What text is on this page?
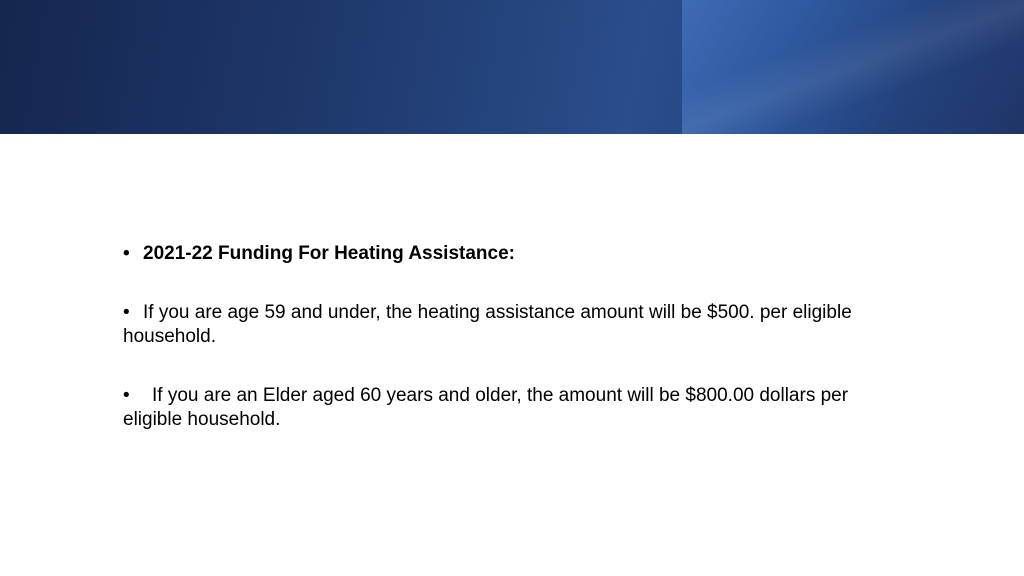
• 2021-22 Funding For Heating Assistance:

• If you are age 59 and under, the heating assistance amount will be $500. per eligible household.

• If you are an Elder aged 60 years and older, the amount will be $800.00 dollars per eligible household.
